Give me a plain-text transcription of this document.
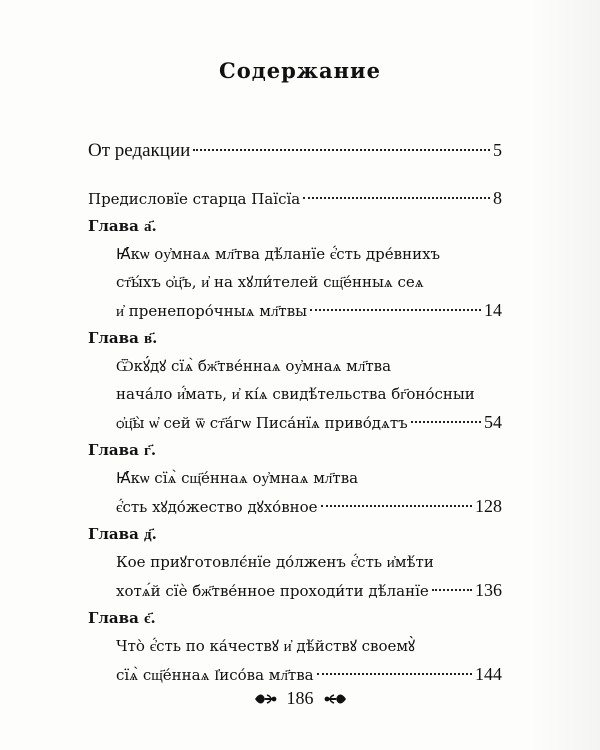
Содержание
От редакции	5
Предисловїе старца Паїсїа	8
Глава а҃.
Ꙗ҆́кѡ оу҆мнаѧ мл҃тва дѣ́ланїе є҆́сть дре́внихъ
ст҃ы́хъ ѻ҆ц҃ъ, и҆ на хꙋли́телей сщ҃е́нныѧ сеѧ
и҆ пренепоро́чныѧ мл҃твы	14
Глава в҃.
Ѿкꙋ́дꙋ сїѧ̀ бж҃тве́ннаѧ оу҆мнаѧ мл҃тва
нача́ло и҆́мать, и҆ кі́ѧ свидѣ́тельства бг҃оно́сныи
ѻ҆ц҃ы̀ ѡ҆ сей ѿ ст҃а́гѡ Писа́нїѧ приво́дѧтъ	54
Глава г҃.
Ꙗ҆́кѡ сїѧ̀ сщ҃е́ннаѧ оу҆мнаѧ мл҃тва
є҆́сть хꙋдо́жество дꙋхо́вное	128
Глава д҃.
Кое приꙋготовлє́нїе до́лженъ є҆́сть и҆мѣ́ти
хотѧ́й сїѐ бж҃тве́нное проходи́ти дѣ́ланїе	136
Глава є҃.
Что̀ є҆́сть по ка́чествꙋ и҆ дѣ́йствꙋ своемꙋ̀
сїѧ̀ сщ҃е́ннаѧ І҆исо́ва мл҃тва	144
186
